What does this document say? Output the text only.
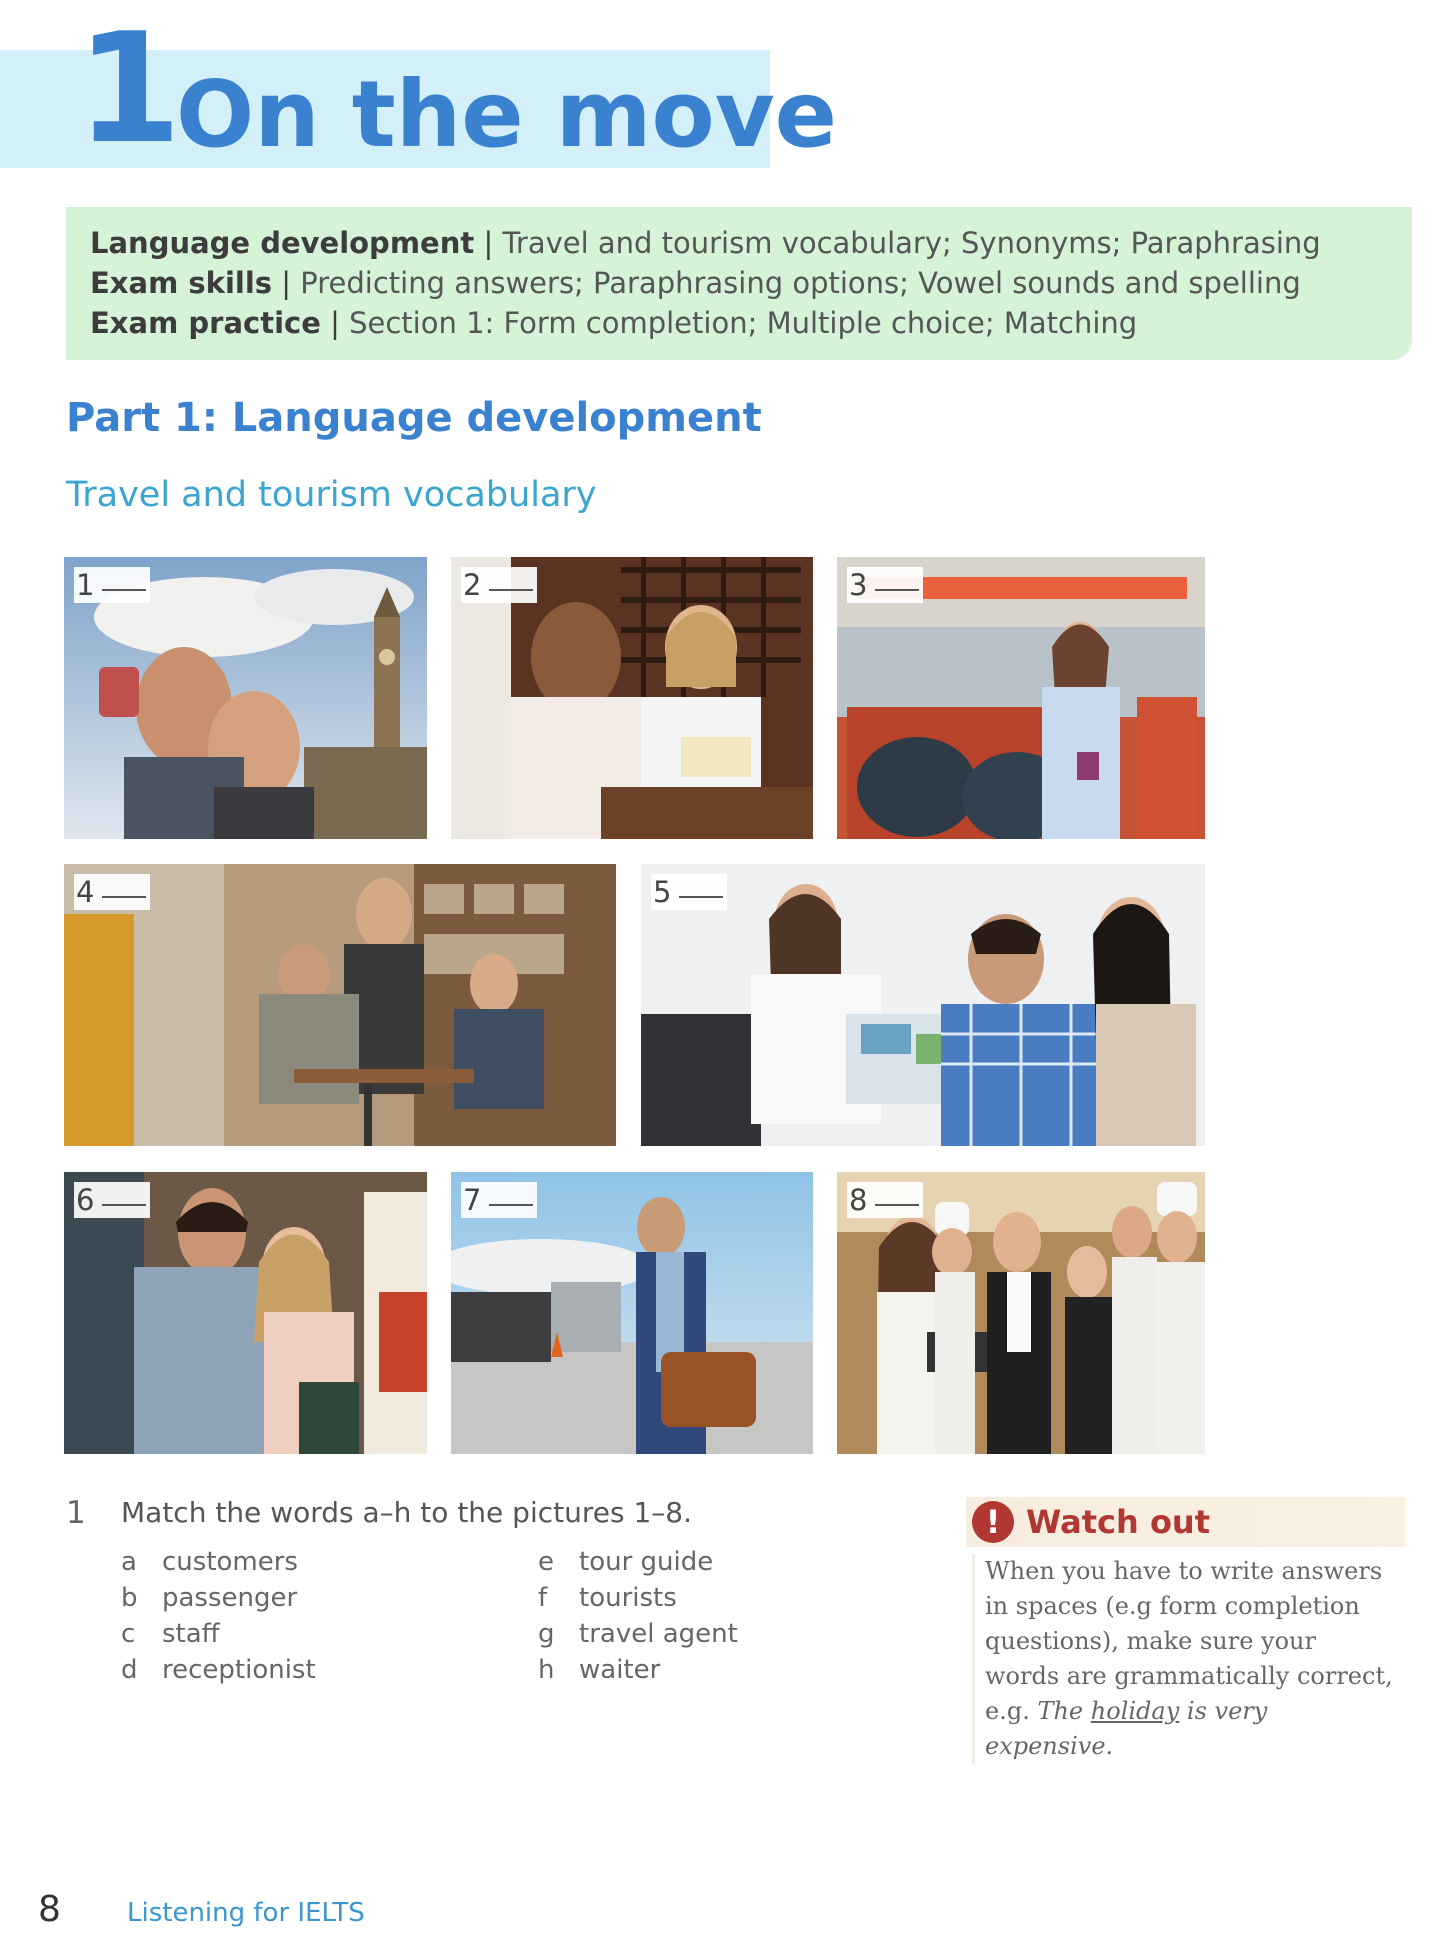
1 On the move
Language development | Travel and tourism vocabulary; Synonyms; Paraphrasing
Exam skills | Predicting answers; Paraphrasing options; Vowel sounds and spelling
Exam practice | Section 1: Form completion; Multiple choice; Matching
Part 1: Language development
Travel and tourism vocabulary
1	2	3
4	5
6	7	8
1 Match the words a–h to the pictures 1–8.
a customers
b passenger
c staff
d receptionist
e tour guide
f tourists
g travel agent
h waiter
! Watch out
When you have to write answers in spaces (e.g form completion questions), make sure your words are grammatically correct, e.g. The holiday is very expensive.
8	Listening for IELTS
